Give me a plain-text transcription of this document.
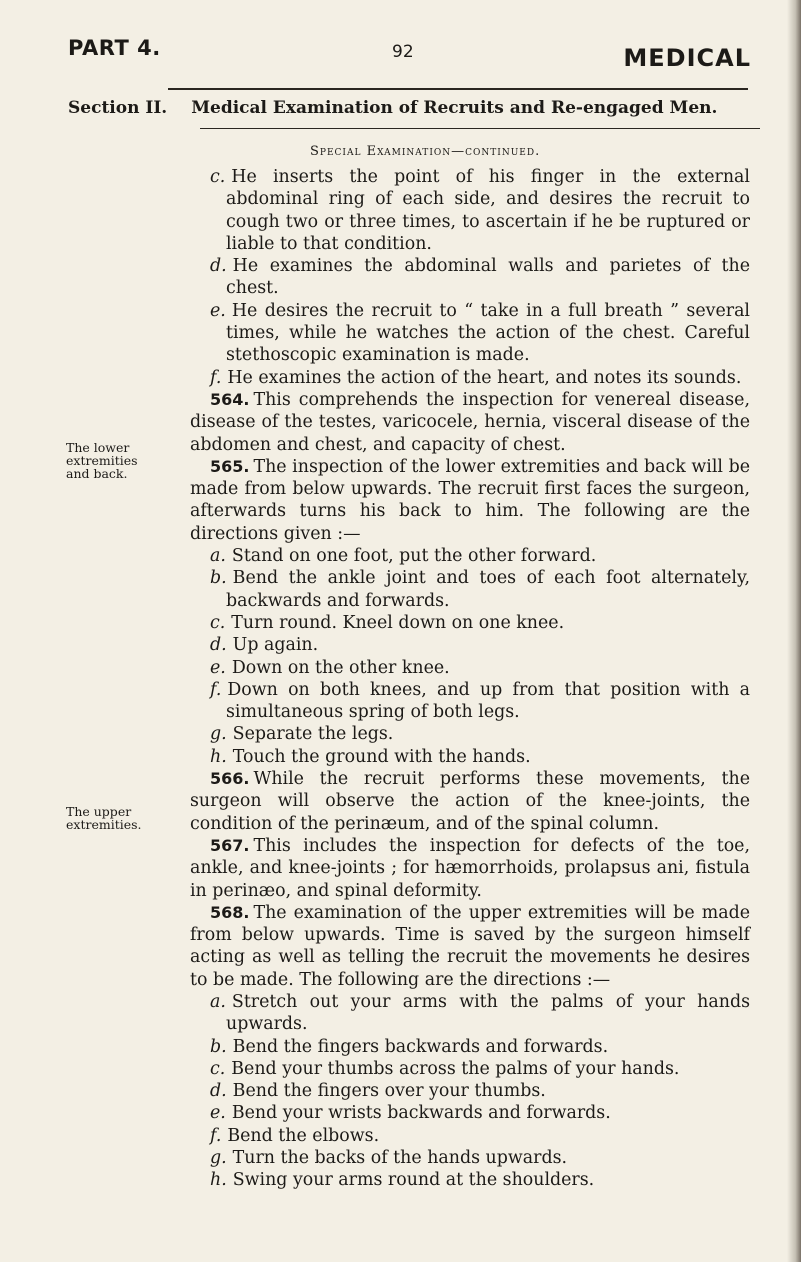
PART 4.	92	MEDICAL
Section II. Medical Examination of Recruits and Re-engaged Men.
Special Examination—continued.
The lower extremities and back.
The upper extremities.

c. He inserts the point of his finger in the external abdominal ring of each side, and desires the recruit to cough two or three times, to ascertain if he be ruptured or liable to that condition.

d. He examines the abdominal walls and parietes of the chest.

e. He desires the recruit to “ take in a full breath ” several times, while he watches the action of the chest. Careful stethoscopic examination is made.

f. He examines the action of the heart, and notes its sounds.

564. This comprehends the inspection for venereal disease, disease of the testes, varicocele, hernia, visceral disease of the abdomen and chest, and capacity of chest.

565. The inspection of the lower extremities and back will be made from below upwards. The recruit first faces the surgeon, afterwards turns his back to him. The following are the directions given :—

a. Stand on one foot, put the other forward.

b. Bend the ankle joint and toes of each foot alternately, backwards and forwards.

c. Turn round. Kneel down on one knee.

d. Up again.

e. Down on the other knee.

f. Down on both knees, and up from that position with a simultaneous spring of both legs.

g. Separate the legs.

h. Touch the ground with the hands.

566. While the recruit performs these movements, the surgeon will observe the action of the knee-joints, the condition of the perinæum, and of the spinal column.

567. This includes the inspection for defects of the toe, ankle, and knee-joints ; for hæmorrhoids, prolapsus ani, fistula in perinæo, and spinal deformity.

568. The examination of the upper extremities will be made from below upwards. Time is saved by the surgeon himself acting as well as telling the recruit the movements he desires to be made. The following are the directions :—

a. Stretch out your arms with the palms of your hands upwards.

b. Bend the fingers backwards and forwards.

c. Bend your thumbs across the palms of your hands.

d. Bend the fingers over your thumbs.

e. Bend your wrists backwards and forwards.

f. Bend the elbows.

g. Turn the backs of the hands upwards.

h. Swing your arms round at the shoulders.
